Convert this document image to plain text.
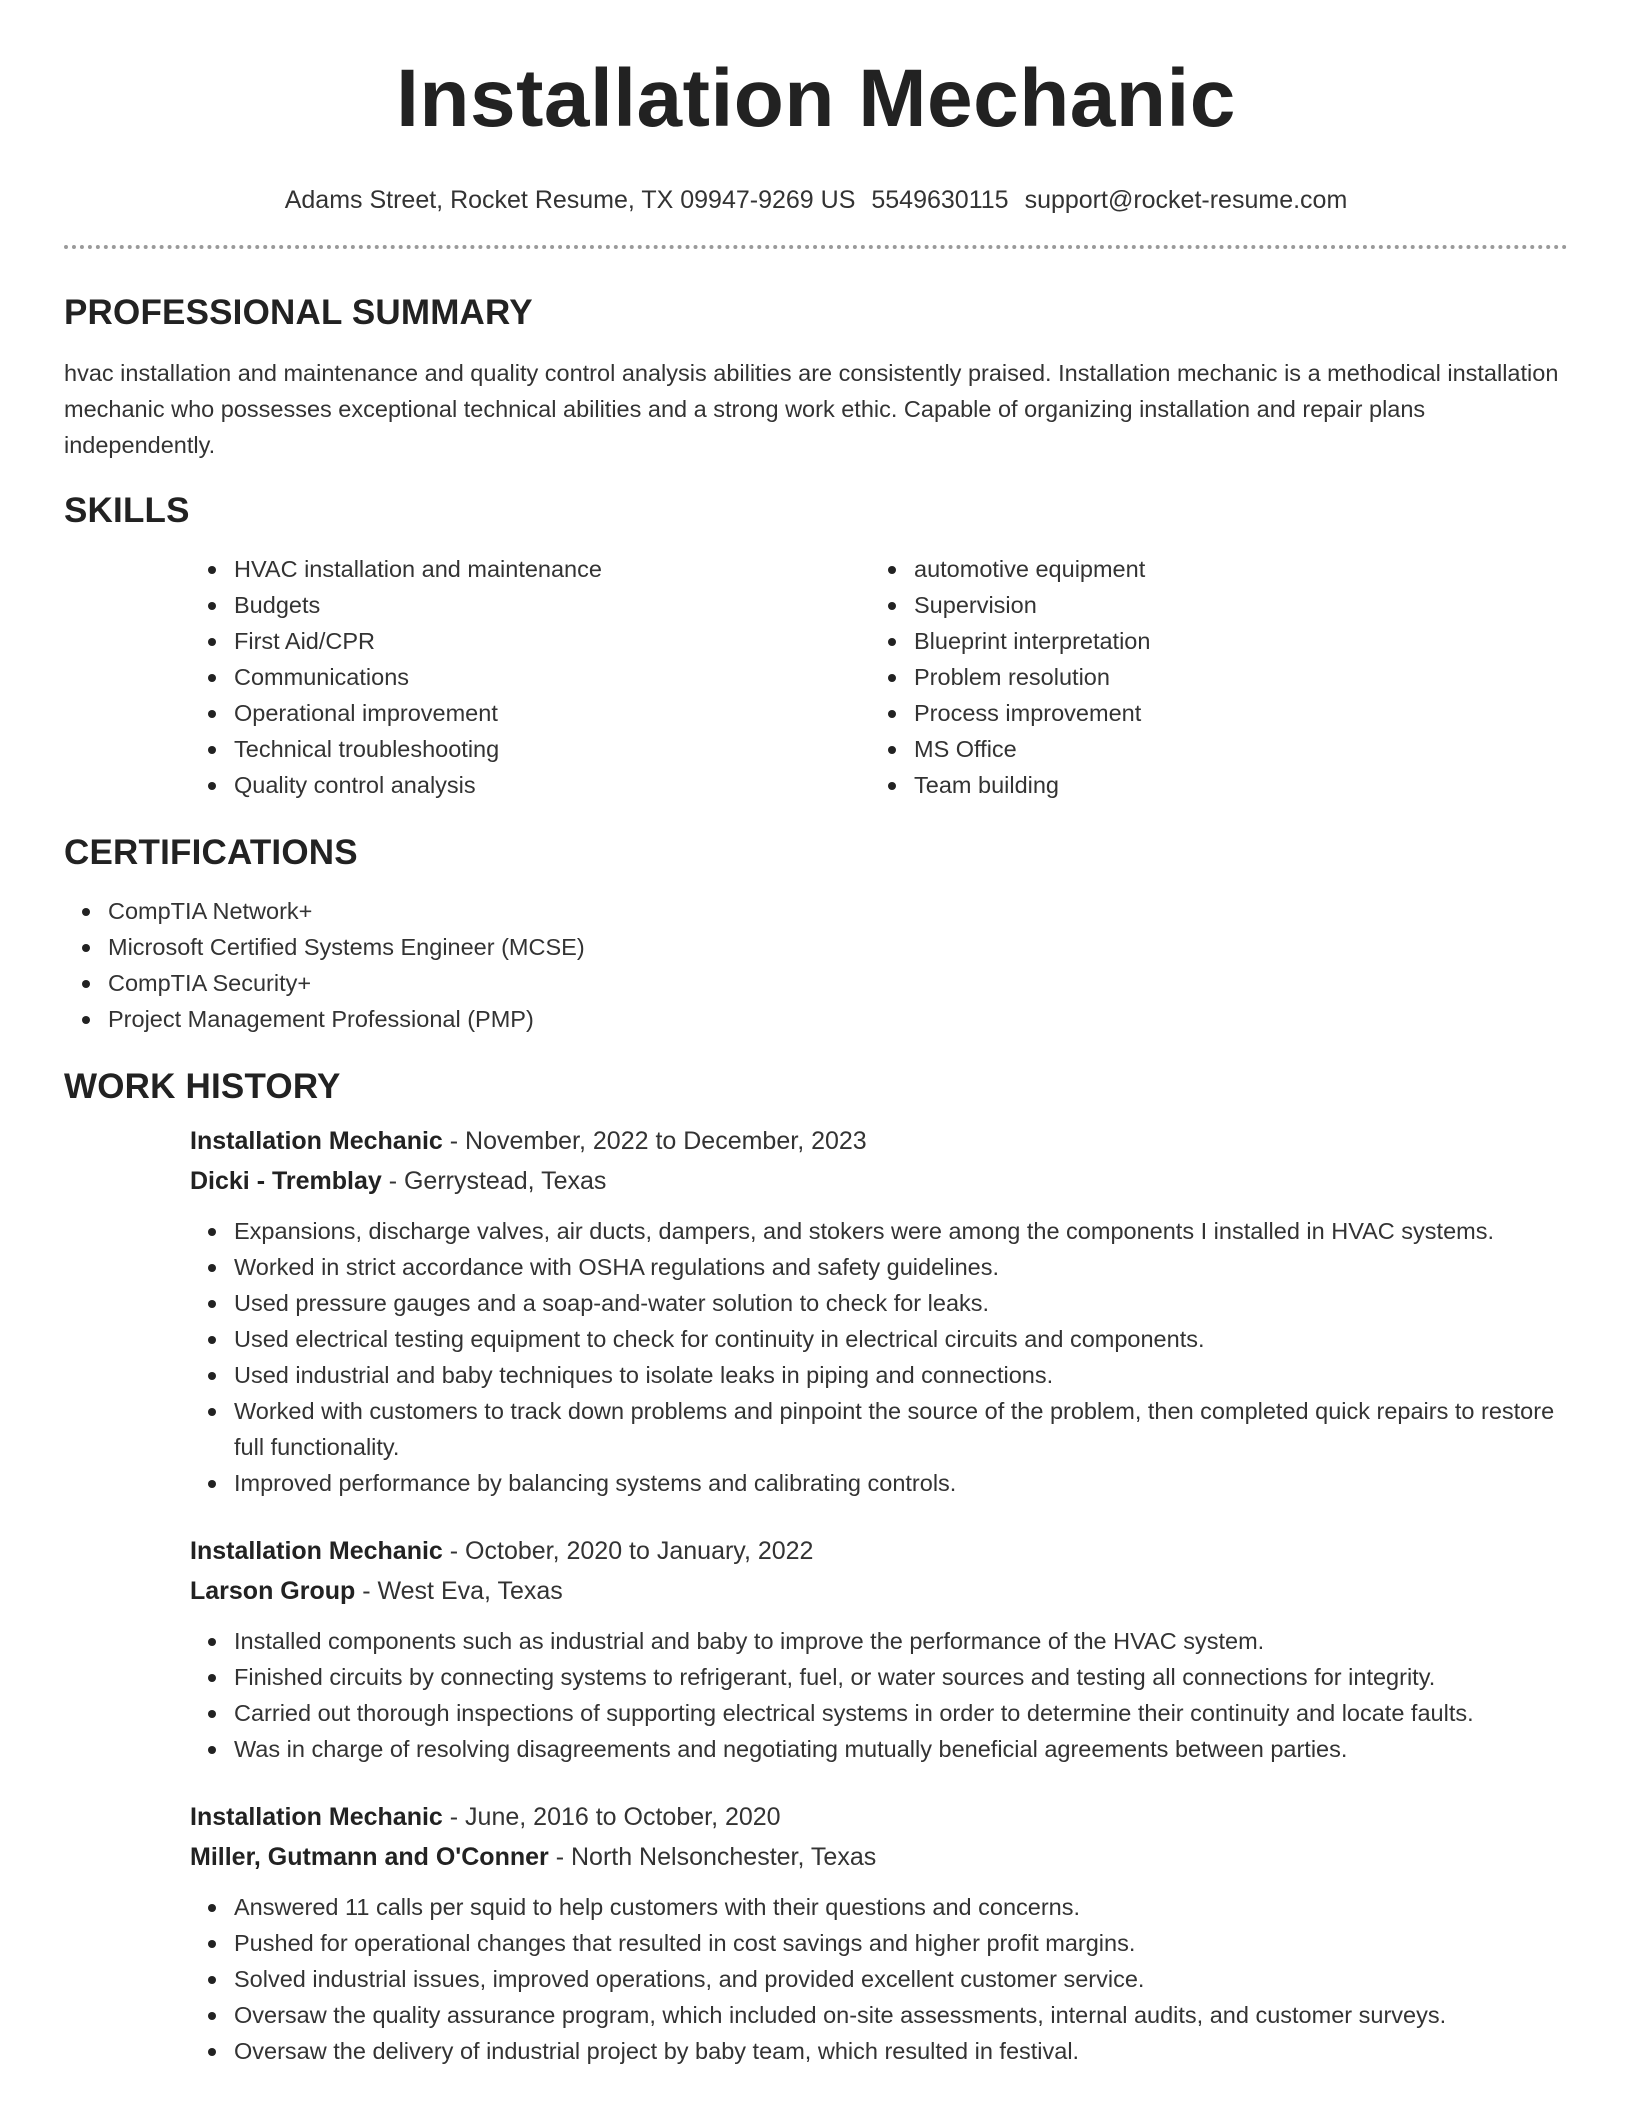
Installation Mechanic
Adams Street, Rocket Resume, TX 09947-9269 US 5549630115 support@rocket-resume.com
PROFESSIONAL SUMMARY

hvac installation and maintenance and quality control analysis abilities are consistently praised. Installation mechanic is a methodical installation mechanic who possesses exceptional technical abilities and a strong work ethic. Capable of organizing installation and repair plans independently.

SKILLS
HVAC installation and maintenance
Budgets
First Aid/CPR
Communications
Operational improvement
Technical troubleshooting
Quality control analysis
automotive equipment
Supervision
Blueprint interpretation
Problem resolution
Process improvement
MS Office
Team building
CERTIFICATIONS
CompTIA Network+
Microsoft Certified Systems Engineer (MCSE)
CompTIA Security+
Project Management Professional (PMP)
WORK HISTORY
Installation Mechanic - November, 2022 to December, 2023
Dicki - Tremblay - Gerrystead, Texas
Expansions, discharge valves, air ducts, dampers, and stokers were among the components I installed in HVAC systems.
Worked in strict accordance with OSHA regulations and safety guidelines.
Used pressure gauges and a soap-and-water solution to check for leaks.
Used electrical testing equipment to check for continuity in electrical circuits and components.
Used industrial and baby techniques to isolate leaks in piping and connections.
Worked with customers to track down problems and pinpoint the source of the problem, then completed quick repairs to restore full functionality.
Improved performance by balancing systems and calibrating controls.
Installation Mechanic - October, 2020 to January, 2022
Larson Group - West Eva, Texas
Installed components such as industrial and baby to improve the performance of the HVAC system.
Finished circuits by connecting systems to refrigerant, fuel, or water sources and testing all connections for integrity.
Carried out thorough inspections of supporting electrical systems in order to determine their continuity and locate faults.
Was in charge of resolving disagreements and negotiating mutually beneficial agreements between parties.
Installation Mechanic - June, 2016 to October, 2020
Miller, Gutmann and O'Conner - North Nelsonchester, Texas
Answered 11 calls per squid to help customers with their questions and concerns.
Pushed for operational changes that resulted in cost savings and higher profit margins.
Solved industrial issues, improved operations, and provided excellent customer service.
Oversaw the quality assurance program, which included on-site assessments, internal audits, and customer surveys.
Oversaw the delivery of industrial project by baby team, which resulted in festival.
